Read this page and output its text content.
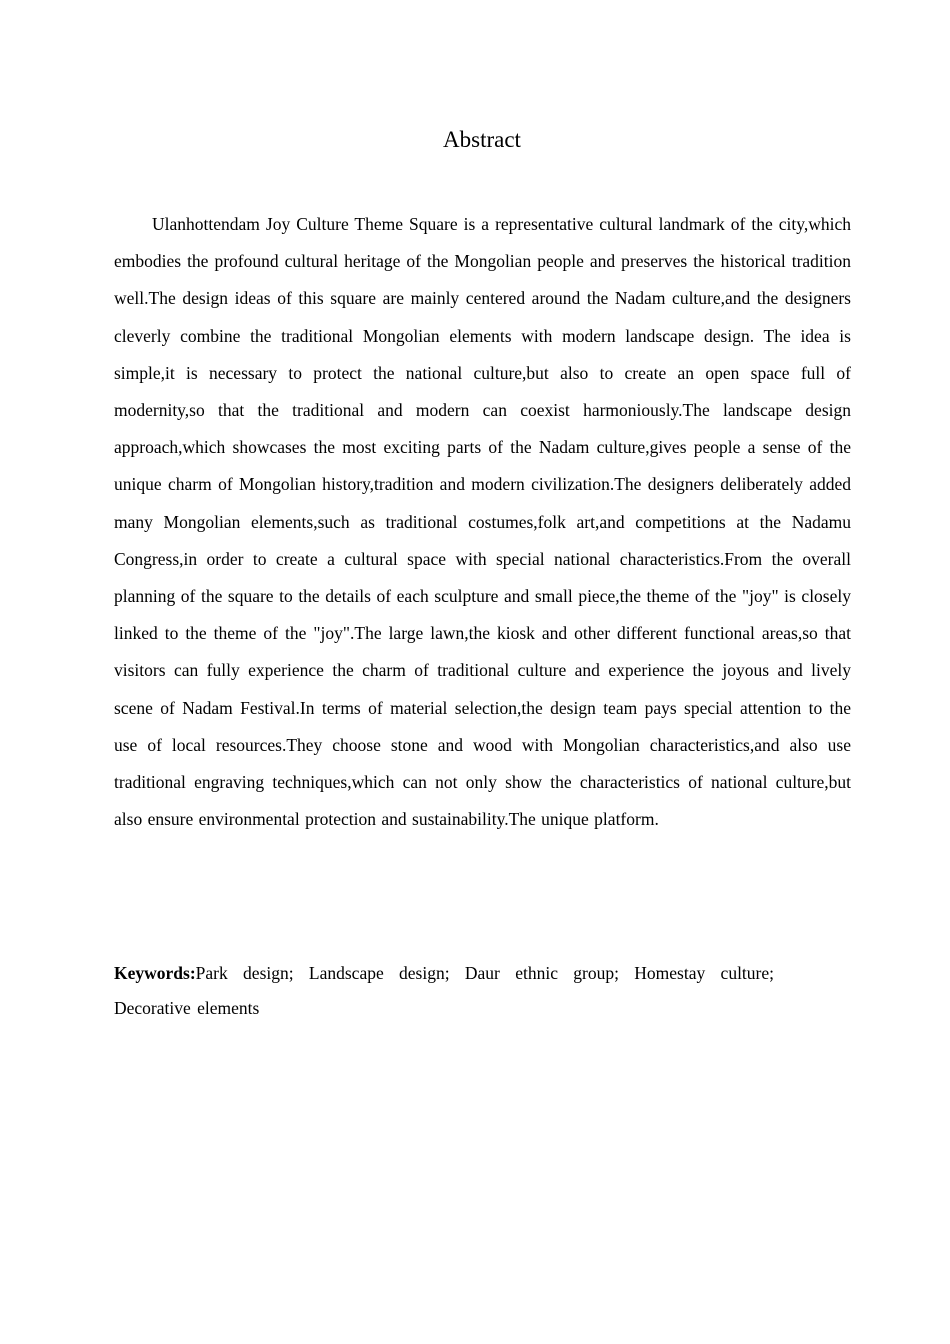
Abstract

Ulanhottendam Joy Culture Theme Square is a representative cultural landmark of the city,which embodies the profound cultural heritage of the Mongolian people and preserves the historical tradition well.The design ideas of this square are mainly centered around the Nadam culture,and the designers cleverly combine the traditional Mongolian elements with modern landscape design. The idea is simple,it is necessary to protect the national culture,but also to create an open space full of modernity,so that the traditional and modern can coexist harmoniously.The landscape design approach,which showcases the most exciting parts of the Nadam culture,gives people a sense of the unique charm of Mongolian history,tradition and modern civilization.The designers deliberately added many Mongolian elements,such as traditional costumes,folk art,and competitions at the Nadamu Congress,in order to create a cultural space with special national characteristics.From the overall planning of the square to the details of each sculpture and small piece,the theme of the "joy" is closely linked to the theme of the "joy".The large lawn,the kiosk and other different functional areas,so that visitors can fully experience the charm of traditional culture and experience the joyous and lively scene of Nadam Festival.In terms of material selection,the design team pays special attention to the use of local resources.They choose stone and wood with Mongolian characteristics,and also use traditional engraving techniques,which can not only show the characteristics of national culture,but also ensure environmental protection and sustainability.The unique platform.

Keywords:Park design; Landscape design; Daur ethnic group; Homestay culture; Decorative elements
